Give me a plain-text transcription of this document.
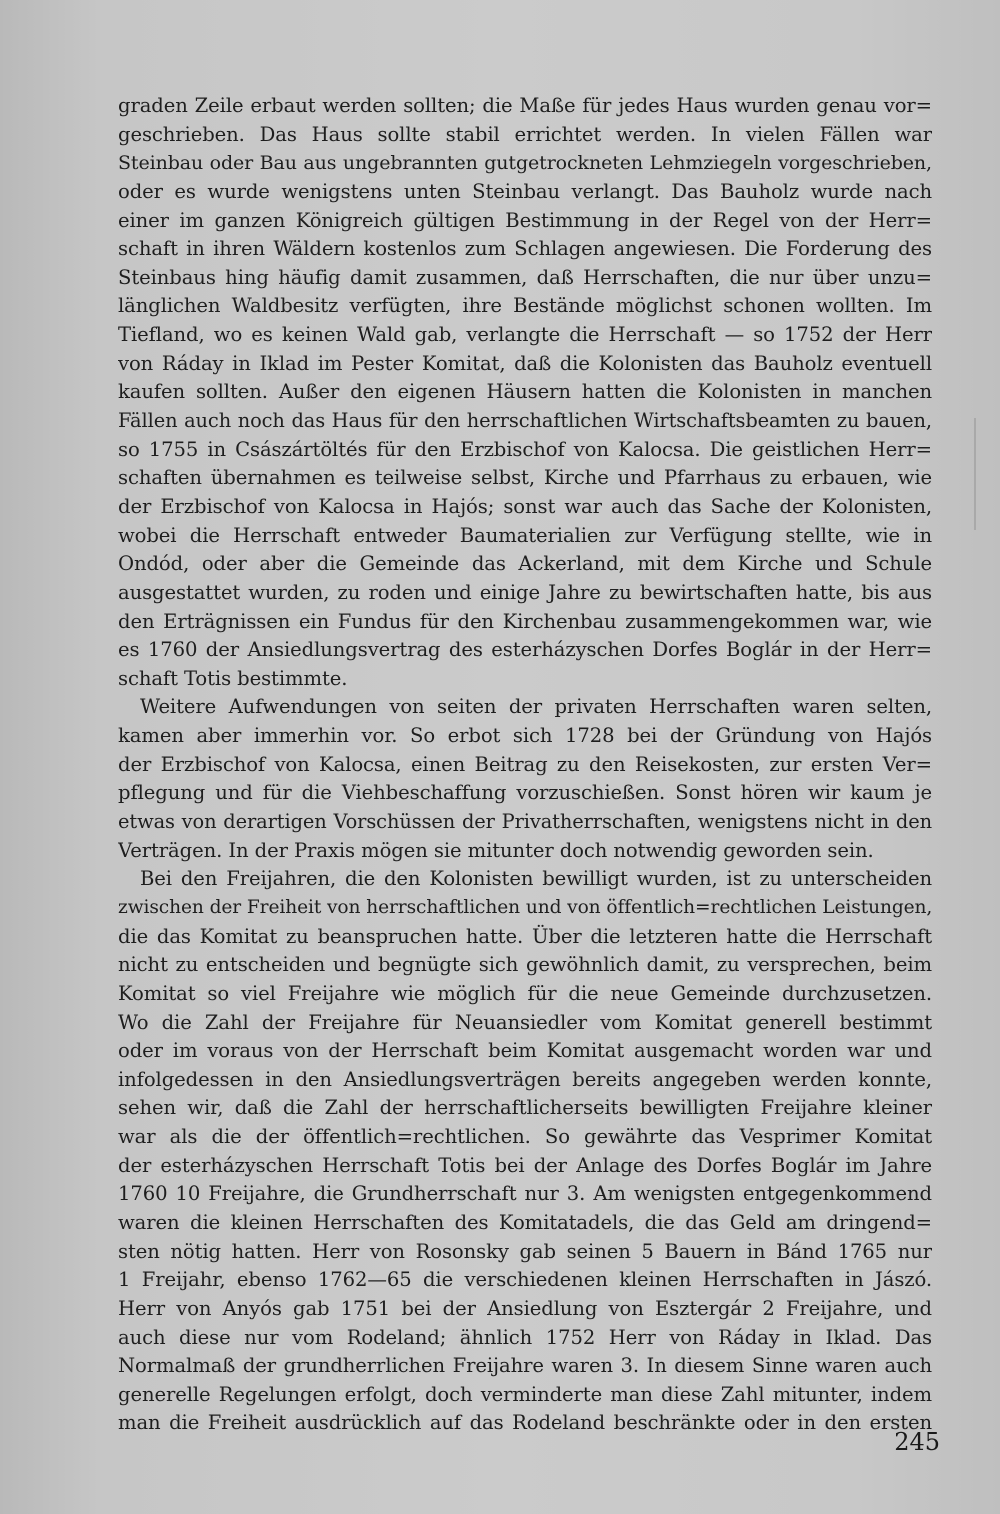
graden Zeile erbaut werden sollten; die Maße für jedes Haus wurden genau vor=
geschrieben. Das Haus sollte stabil errichtet werden. In vielen Fällen war
Steinbau oder Bau aus ungebrannten gutgetrockneten Lehmziegeln vorgeschrieben,
oder es wurde wenigstens unten Steinbau verlangt. Das Bauholz wurde nach
einer im ganzen Königreich gültigen Bestimmung in der Regel von der Herr=
schaft in ihren Wäldern kostenlos zum Schlagen angewiesen. Die Forderung des
Steinbaus hing häufig damit zusammen, daß Herrschaften, die nur über unzu=
länglichen Waldbesitz verfügten, ihre Bestände möglichst schonen wollten. Im
Tiefland, wo es keinen Wald gab, verlangte die Herrschaft — so 1752 der Herr
von Ráday in Iklad im Pester Komitat, daß die Kolonisten das Bauholz eventuell
kaufen sollten. Außer den eigenen Häusern hatten die Kolonisten in manchen
Fällen auch noch das Haus für den herrschaftlichen Wirtschaftsbeamten zu bauen,
so 1755 in Császártöltés für den Erzbischof von Kalocsa. Die geistlichen Herr=
schaften übernahmen es teilweise selbst, Kirche und Pfarrhaus zu erbauen, wie
der Erzbischof von Kalocsa in Hajós; sonst war auch das Sache der Kolonisten,
wobei die Herrschaft entweder Baumaterialien zur Verfügung stellte, wie in
Ondód, oder aber die Gemeinde das Ackerland, mit dem Kirche und Schule
ausgestattet wurden, zu roden und einige Jahre zu bewirtschaften hatte, bis aus
den Erträgnissen ein Fundus für den Kirchenbau zusammengekommen war, wie
es 1760 der Ansiedlungsvertrag des esterházyschen Dorfes Boglár in der Herr=
schaft Totis bestimmte.
Weitere Aufwendungen von seiten der privaten Herrschaften waren selten,
kamen aber immerhin vor. So erbot sich 1728 bei der Gründung von Hajós
der Erzbischof von Kalocsa, einen Beitrag zu den Reisekosten, zur ersten Ver=
pflegung und für die Viehbeschaffung vorzuschießen. Sonst hören wir kaum je
etwas von derartigen Vorschüssen der Privatherrschaften, wenigstens nicht in den
Verträgen. In der Praxis mögen sie mitunter doch notwendig geworden sein.
Bei den Freijahren, die den Kolonisten bewilligt wurden, ist zu unterscheiden
zwischen der Freiheit von herrschaftlichen und von öffentlich=rechtlichen Leistungen,
die das Komitat zu beanspruchen hatte. Über die letzteren hatte die Herrschaft
nicht zu entscheiden und begnügte sich gewöhnlich damit, zu versprechen, beim
Komitat so viel Freijahre wie möglich für die neue Gemeinde durchzusetzen.
Wo die Zahl der Freijahre für Neuansiedler vom Komitat generell bestimmt
oder im voraus von der Herrschaft beim Komitat ausgemacht worden war und
infolgedessen in den Ansiedlungsverträgen bereits angegeben werden konnte,
sehen wir, daß die Zahl der herrschaftlicherseits bewilligten Freijahre kleiner
war als die der öffentlich=rechtlichen. So gewährte das Vesprimer Komitat
der esterházyschen Herrschaft Totis bei der Anlage des Dorfes Boglár im Jahre
1760 10 Freijahre, die Grundherrschaft nur 3. Am wenigsten entgegenkommend
waren die kleinen Herrschaften des Komitatadels, die das Geld am dringend=
sten nötig hatten. Herr von Rosonsky gab seinen 5 Bauern in Bánd 1765 nur
1 Freijahr, ebenso 1762—65 die verschiedenen kleinen Herrschaften in Jászó.
Herr von Anyós gab 1751 bei der Ansiedlung von Esztergár 2 Freijahre, und
auch diese nur vom Rodeland; ähnlich 1752 Herr von Ráday in Iklad. Das
Normalmaß der grundherrlichen Freijahre waren 3. In diesem Sinne waren auch
generelle Regelungen erfolgt, doch verminderte man diese Zahl mitunter, indem
man die Freiheit ausdrücklich auf das Rodeland beschränkte oder in den ersten
245
